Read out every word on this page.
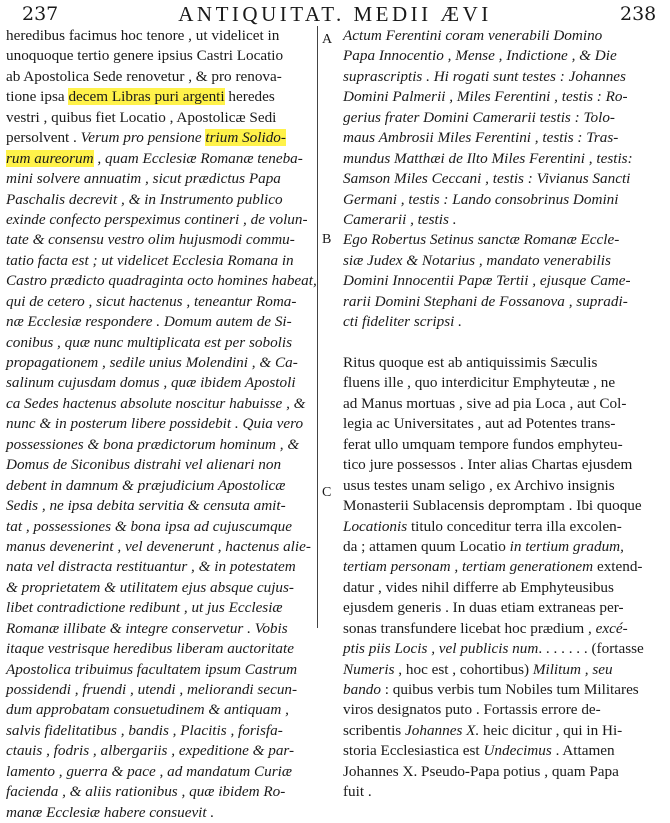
237	ANTIQUITAT. MEDII ÆVI	238
heredibus facimus hoc tenore , ut videlicet in
unoquoque tertio genere ipsius Castri Locatio
ab Apostolica Sede renovetur , & pro renova-
tione ipsa decem Libras puri argenti heredes
vestri , quibus fiet Locatio , Apostolicæ Sedi
persolvent . Verum pro pensione trium Solido-
rum aureorum , quam Ecclesiæ Romanæ teneba-
mini solvere annuatim , sicut prædictus Papa
Paschalis decrevit , & in Instrumento publico
exinde confecto perspeximus contineri , de volun-
tate & consensu vestro olim hujusmodi commu-
tatio facta est ; ut videlicet Ecclesia Romana in
Castro prædicto quadraginta octo homines habeat,
qui de cetero , sicut hactenus , teneantur Roma-
næ Ecclesiæ respondere . Domum autem de Si-
conibus , quæ nunc multiplicata est per sobolis
propagationem , sedile unius Molendini , & Ca-
salinum cujusdam domus , quæ ibidem Apostoli
ca Sedes hactenus absolute noscitur habuisse , &
nunc & in posterum libere possidebit . Quia vero
possessiones & bona prædictorum hominum , &
Domus de Siconibus distrahi vel alienari non
debent in damnum & præjudicium Apostolicæ
Sedis , ne ipsa debita servitia & censuta amit-
tat , possessiones & bona ipsa ad cujuscumque
manus devenerint , vel devenerunt , hactenus alie-
nata vel distracta restituantur , & in potestatem
& proprietatem & utilitatem ejus absque cujus-
libet contradictione redibunt , ut jus Ecclesiæ
Romanæ illibate & integre conservetur . Vobis
itaque vestrisque heredibus liberam auctoritate
Apostolica tribuimus facultatem ipsum Castrum
possidendi , fruendi , utendi , meliorandi secun-
dum approbatam consuetudinem & antiquam ,
salvis fidelitatibus , bandis , Placitis , forisfa-
ctauis , fodris , albergariis , expeditione & par-
lamento , guerra & pace , ad mandatum Curiæ
facienda , & aliis rationibus , quæ ibidem Ro-
manæ Ecclesiæ habere consuevit .
A
B
C
Actum Ferentini coram venerabili Domino
Papa Innocentio , Mense , Indictione , & Die
suprascriptis . Hi rogati sunt testes : Johannes
Domini Palmerii , Miles Ferentini , testis : Ro-
gerius frater Domini Camerarii testis : Tolo-
maus Ambrosii Miles Ferentini , testis : Tras-
mundus Matthæi de Ilto Miles Ferentini , testis:
Samson Miles Ceccani , testis : Vivianus Sancti
Germani , testis : Lando consobrinus Domini
Camerarii , testis .
Ego Robertus Setinus sanctæ Romanæ Eccle-
siæ Judex & Notarius , mandato venerabilis
Domini Innocentii Papæ Tertii , ejusque Came-
rarii Domini Stephani de Fossanova , supradi-
cti fideliter scripsi .
Ritus quoque est ab antiquissimis Sæculis
fluens ille , quo interdicitur Emphyteutæ , ne
ad Manus mortuas , sive ad pia Loca , aut Col-
legia ac Universitates , aut ad Potentes trans-
ferat ullo umquam tempore fundos emphyteu-
tico jure possessos . Inter alias Chartas ejusdem
usus testes unam seligo , ex Archivo insignis
Monasterii Sublacensis depromptam . Ibi quoque
Locationis titulo conceditur terra illa excolen-
da ; attamen quum Locatio in tertium gradum,
tertiam personam , tertiam generationem extend-
datur , vides nihil differre ab Emphyteusibus
ejusdem generis . In duas etiam extraneas per-
sonas transfundere licebat hoc prædium , excé-
ptis piis Locis , vel publicis num. . . . . . . (fortasse
Numeris , hoc est , cohortibus) Militum , seu
bando : quibus verbis tum Nobiles tum Militares
viros designatos puto . Fortassis errore de-
scribentis Johannes X. heic dicitur , qui in Hi-
storia Ecclesiastica est Undecimus . Attamen
Johannes X. Pseudo-Papa potius , quam Papa
fuit .
